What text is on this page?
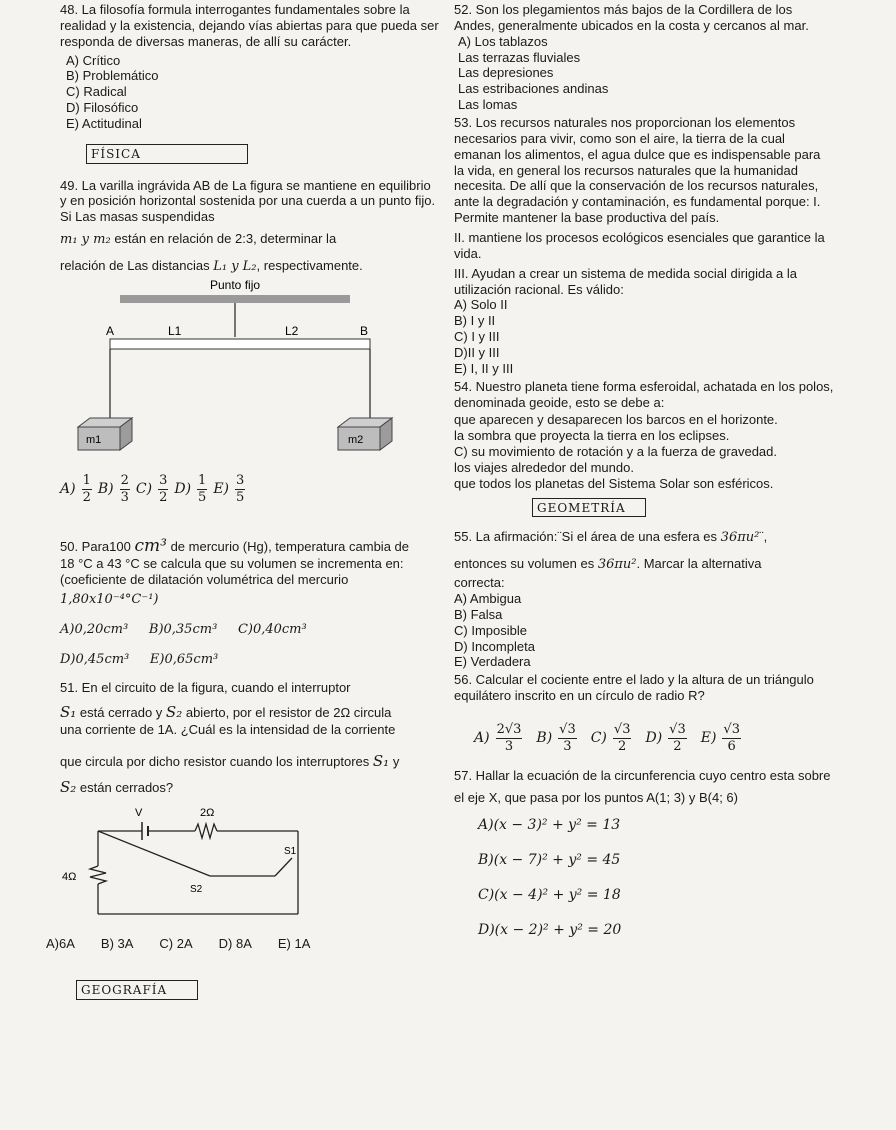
48. La filosofía formula interrogantes fundamentales sobre la realidad y la existencia, dejando vías abiertas para que pueda ser responda de diversas maneras, de allí su carácter.

A) Crítico

B) Problemático

C) Radical

D) Filosófico

E) Actitudinal

FÍSICA

49. La varilla ingrávida AB de La figura se mantiene en equilibrio y en posición horizontal sostenida por una cuerda a un punto fijo. Si Las masas suspendidas

m₁ y m₂ están en relación de 2:3, determinar la

relación de Las distancias L₁ y L₂, respectivamente.

Punto fijo
A	L1	L2	B
m1	m2
$A) \frac{1}{2} B) \frac{2}{3} C) \frac{3}{2} D) \frac{1}{5} E) \frac{3}{5}$

50. Para100 cm³ de mercurio (Hg), temperatura cambia de

18 °C a 43 °C se calcula que su volumen se incrementa en:

(coeficiente de dilatación volumétrica del mercurio

1,80x10⁻⁴°C⁻¹)

A)0,20cm³     B)0,35cm³     C)0,40cm³

D)0,45cm³     E)0,65cm³

51. En el circuito de la figura, cuando el interruptor

S₁ está cerrado y S₂ abierto, por el resistor de 2Ω circula

una corriente de 1A. ¿Cuál es la intensidad de la corriente

que circula por dicho resistor cuando los interruptores S₁ y

S₂ están cerrados?

V	2Ω
4Ω
S2
S1
A)6A B) 3A C) 2A D) 8A E) 1A
GEOGRAFÍA

52. Son los plegamientos más bajos de la Cordillera de los Andes, generalmente ubicados en la costa y cercanos al mar.

A) Los tablazos

Las terrazas fluviales

Las depresiones

Las estribaciones andinas

Las lomas

53. Los recursos naturales nos proporcionan los elementos necesarios para vivir, como son el aire, la tierra de la cual emanan los alimentos, el agua dulce que es indispensable para la vida, en general los recursos naturales que la humanidad necesita. De allí que la conservación de los recursos naturales, ante la degradación y contaminación, es fundamental porque: I. Permite mantener la base productiva del país.

II. mantiene los procesos ecológicos esenciales que garantice la vida.

III. Ayudan a crear un sistema de medida social dirigida a la utilización racional. Es válido:

A) Solo II

B) I y II

C) I y III

D)II y III

E) I, II y III

54. Nuestro planeta tiene forma esferoidal, achatada en los polos, denominada geoide, esto se debe a:

que aparecen y desaparecen los barcos en el horizonte.

la sombra que proyecta la tierra en los eclipses.

C) su movimiento de rotación y a la fuerza de gravedad.

los viajes alrededor del mundo.

que todos los planetas del Sistema Solar son esféricos.

GEOMETRÍA

55. La afirmación:¨Si el área de una esfera es 36πu²¨,

entonces su volumen es 36πu². Marcar la alternativa

correcta:

A) Ambigua

B) Falsa

C) Imposible

D) Incompleta

E) Verdadera

56. Calcular el cociente entre el lado y la altura de un triángulo equilátero inscrito en un círculo de radio R?

$A) \frac{2√3}{3} B) \frac{√3}{3} C) \frac{√3}{2} D) \frac{√3}{2} E) \frac{√3}{6}$

57. Hallar la ecuación de la circunferencia cuyo centro esta sobre el eje X, que pasa por los puntos A(1; 3) y B(4; 6)

A)(x − 3)² + y² = 13

B)(x − 7)² + y² = 45

C)(x − 4)² + y² = 18

D)(x − 2)² + y² = 20
